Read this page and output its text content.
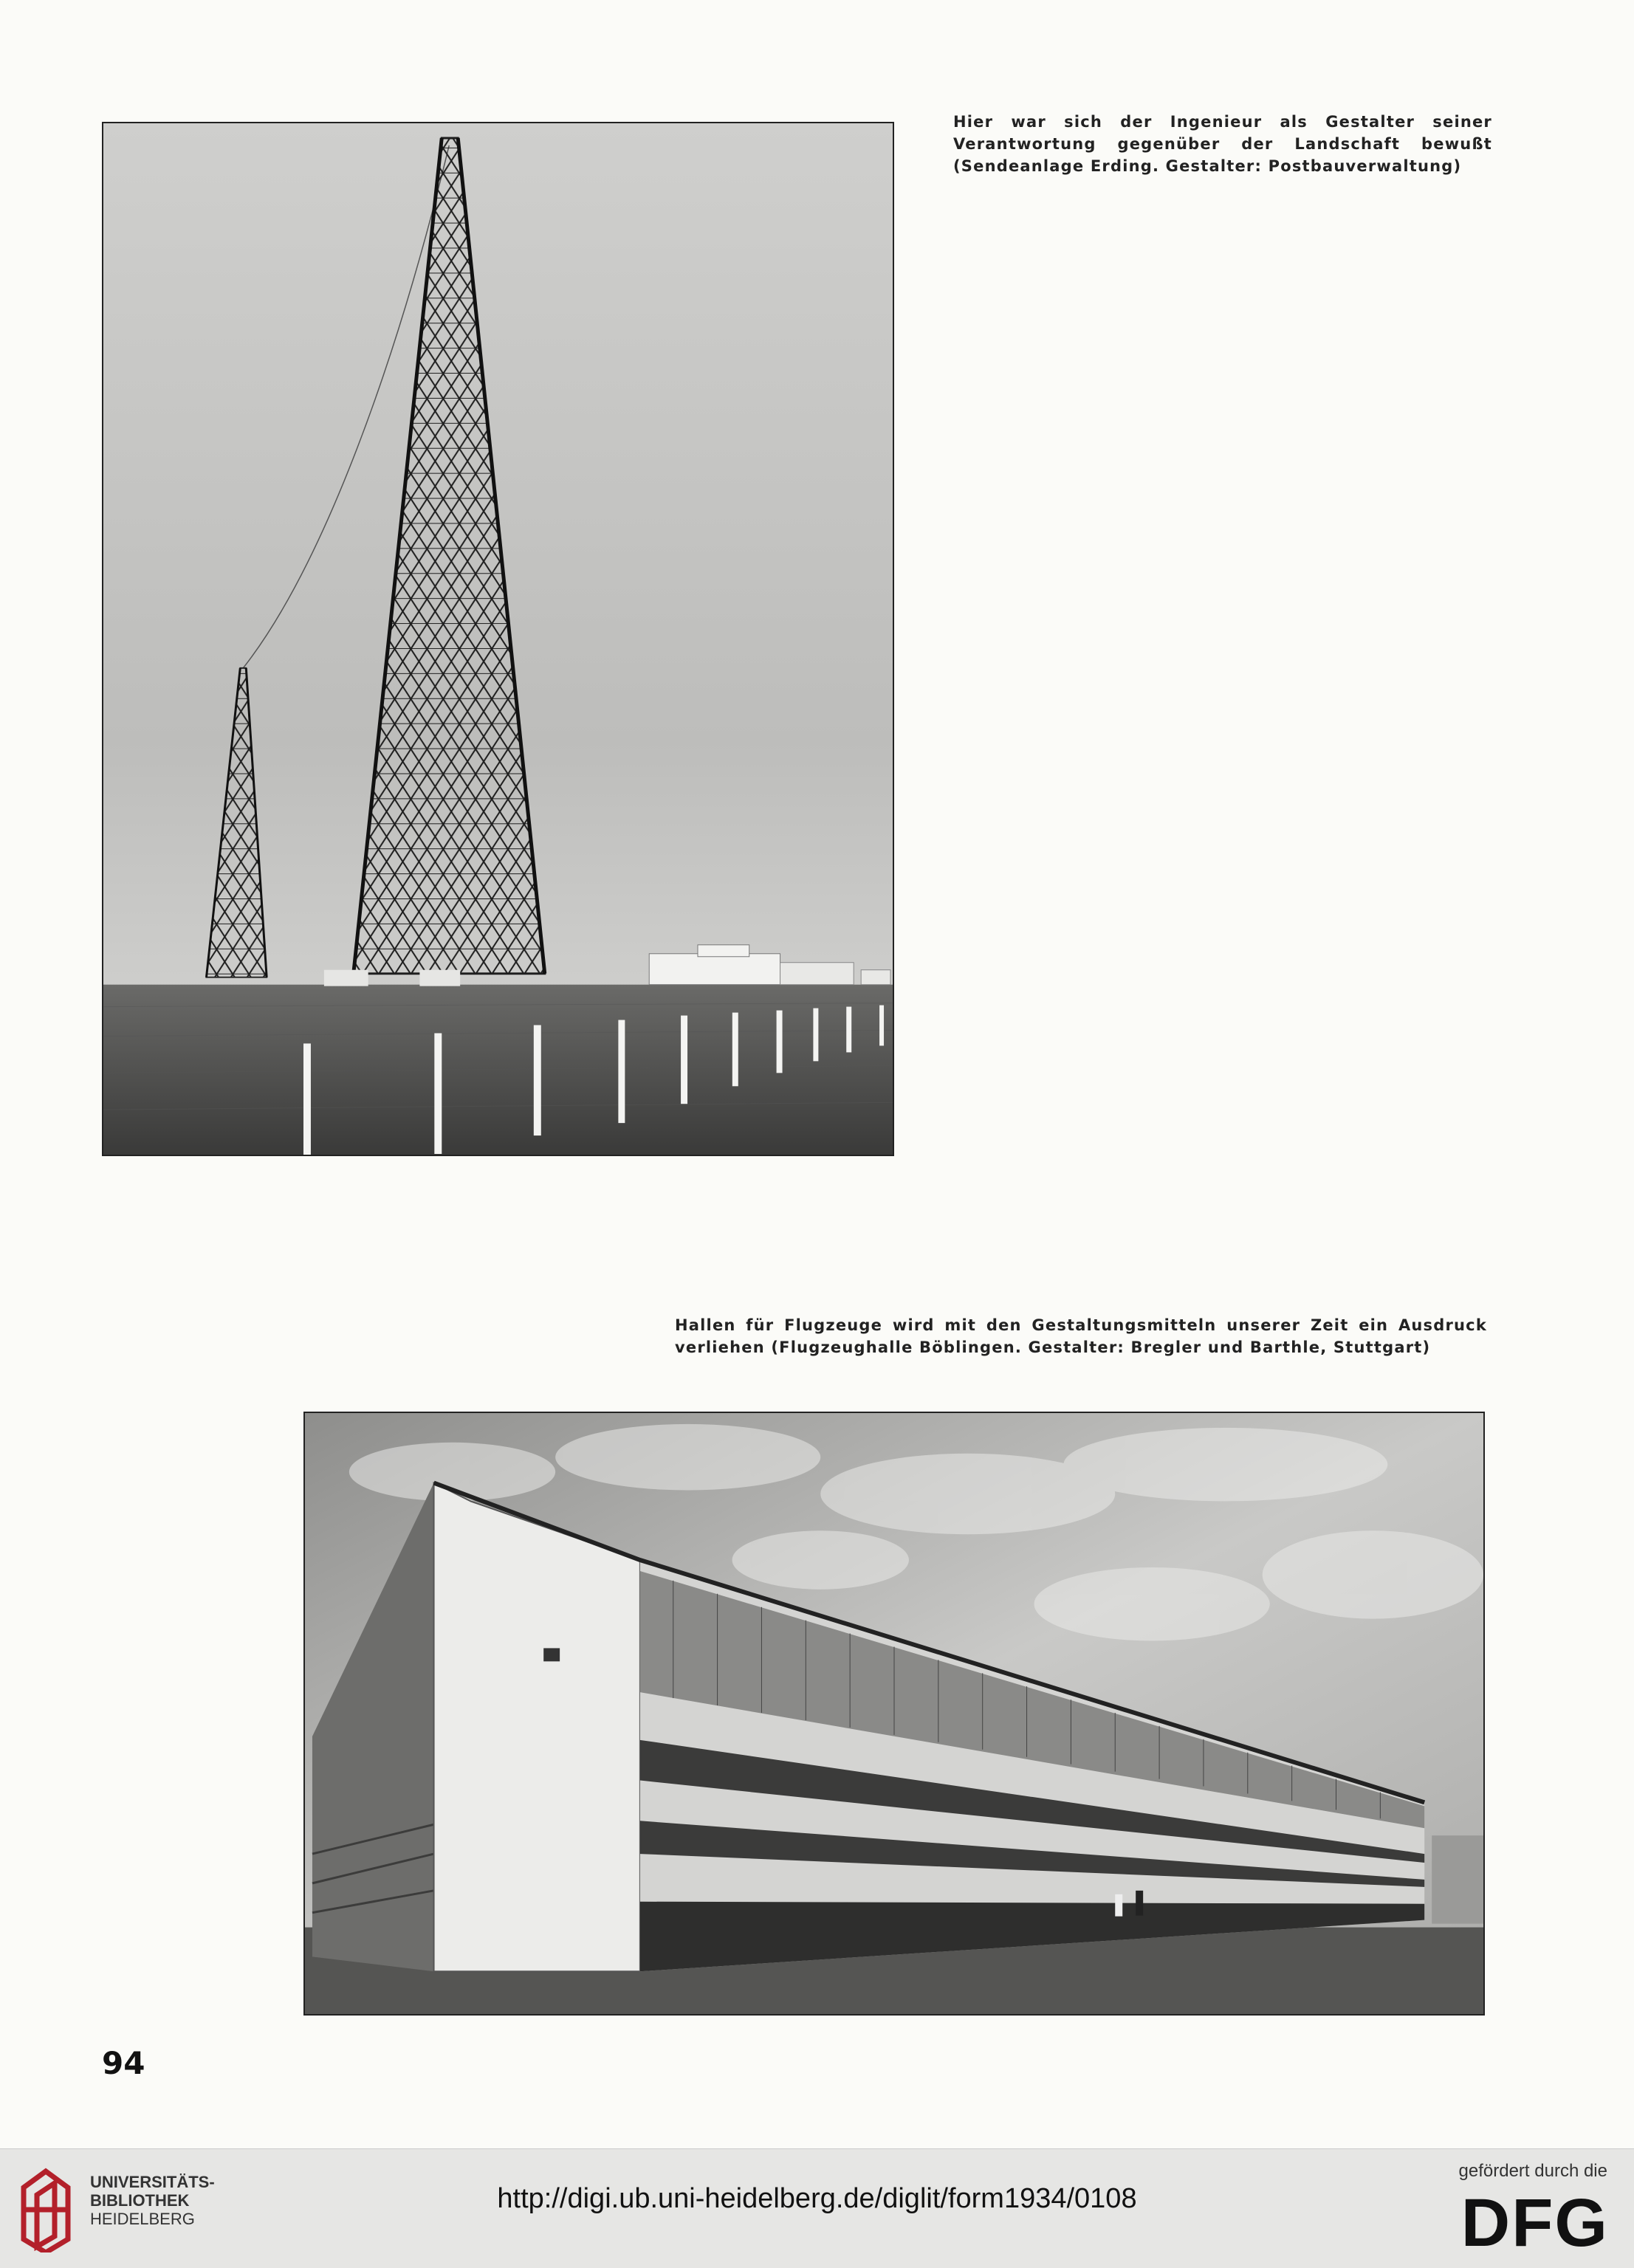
Hier war sich der Ingenieur als Gestalter seiner Verantwortung gegenüber der Landschaft bewußt (Sendeanlage Erding. Gestalter: Postbauverwaltung)
Hallen für Flugzeuge wird mit den Gestaltungsmitteln unserer Zeit ein Ausdruck verliehen (Flugzeughalle Böblingen. Gestalter: Bregler und Barthle, Stuttgart)
94
UNIVERSITÄTS-
BIBLIOTHEK
HEIDELBERG
http://digi.ub.uni-heidelberg.de/diglit/form1934/0108
gefördert durch die
DFG
